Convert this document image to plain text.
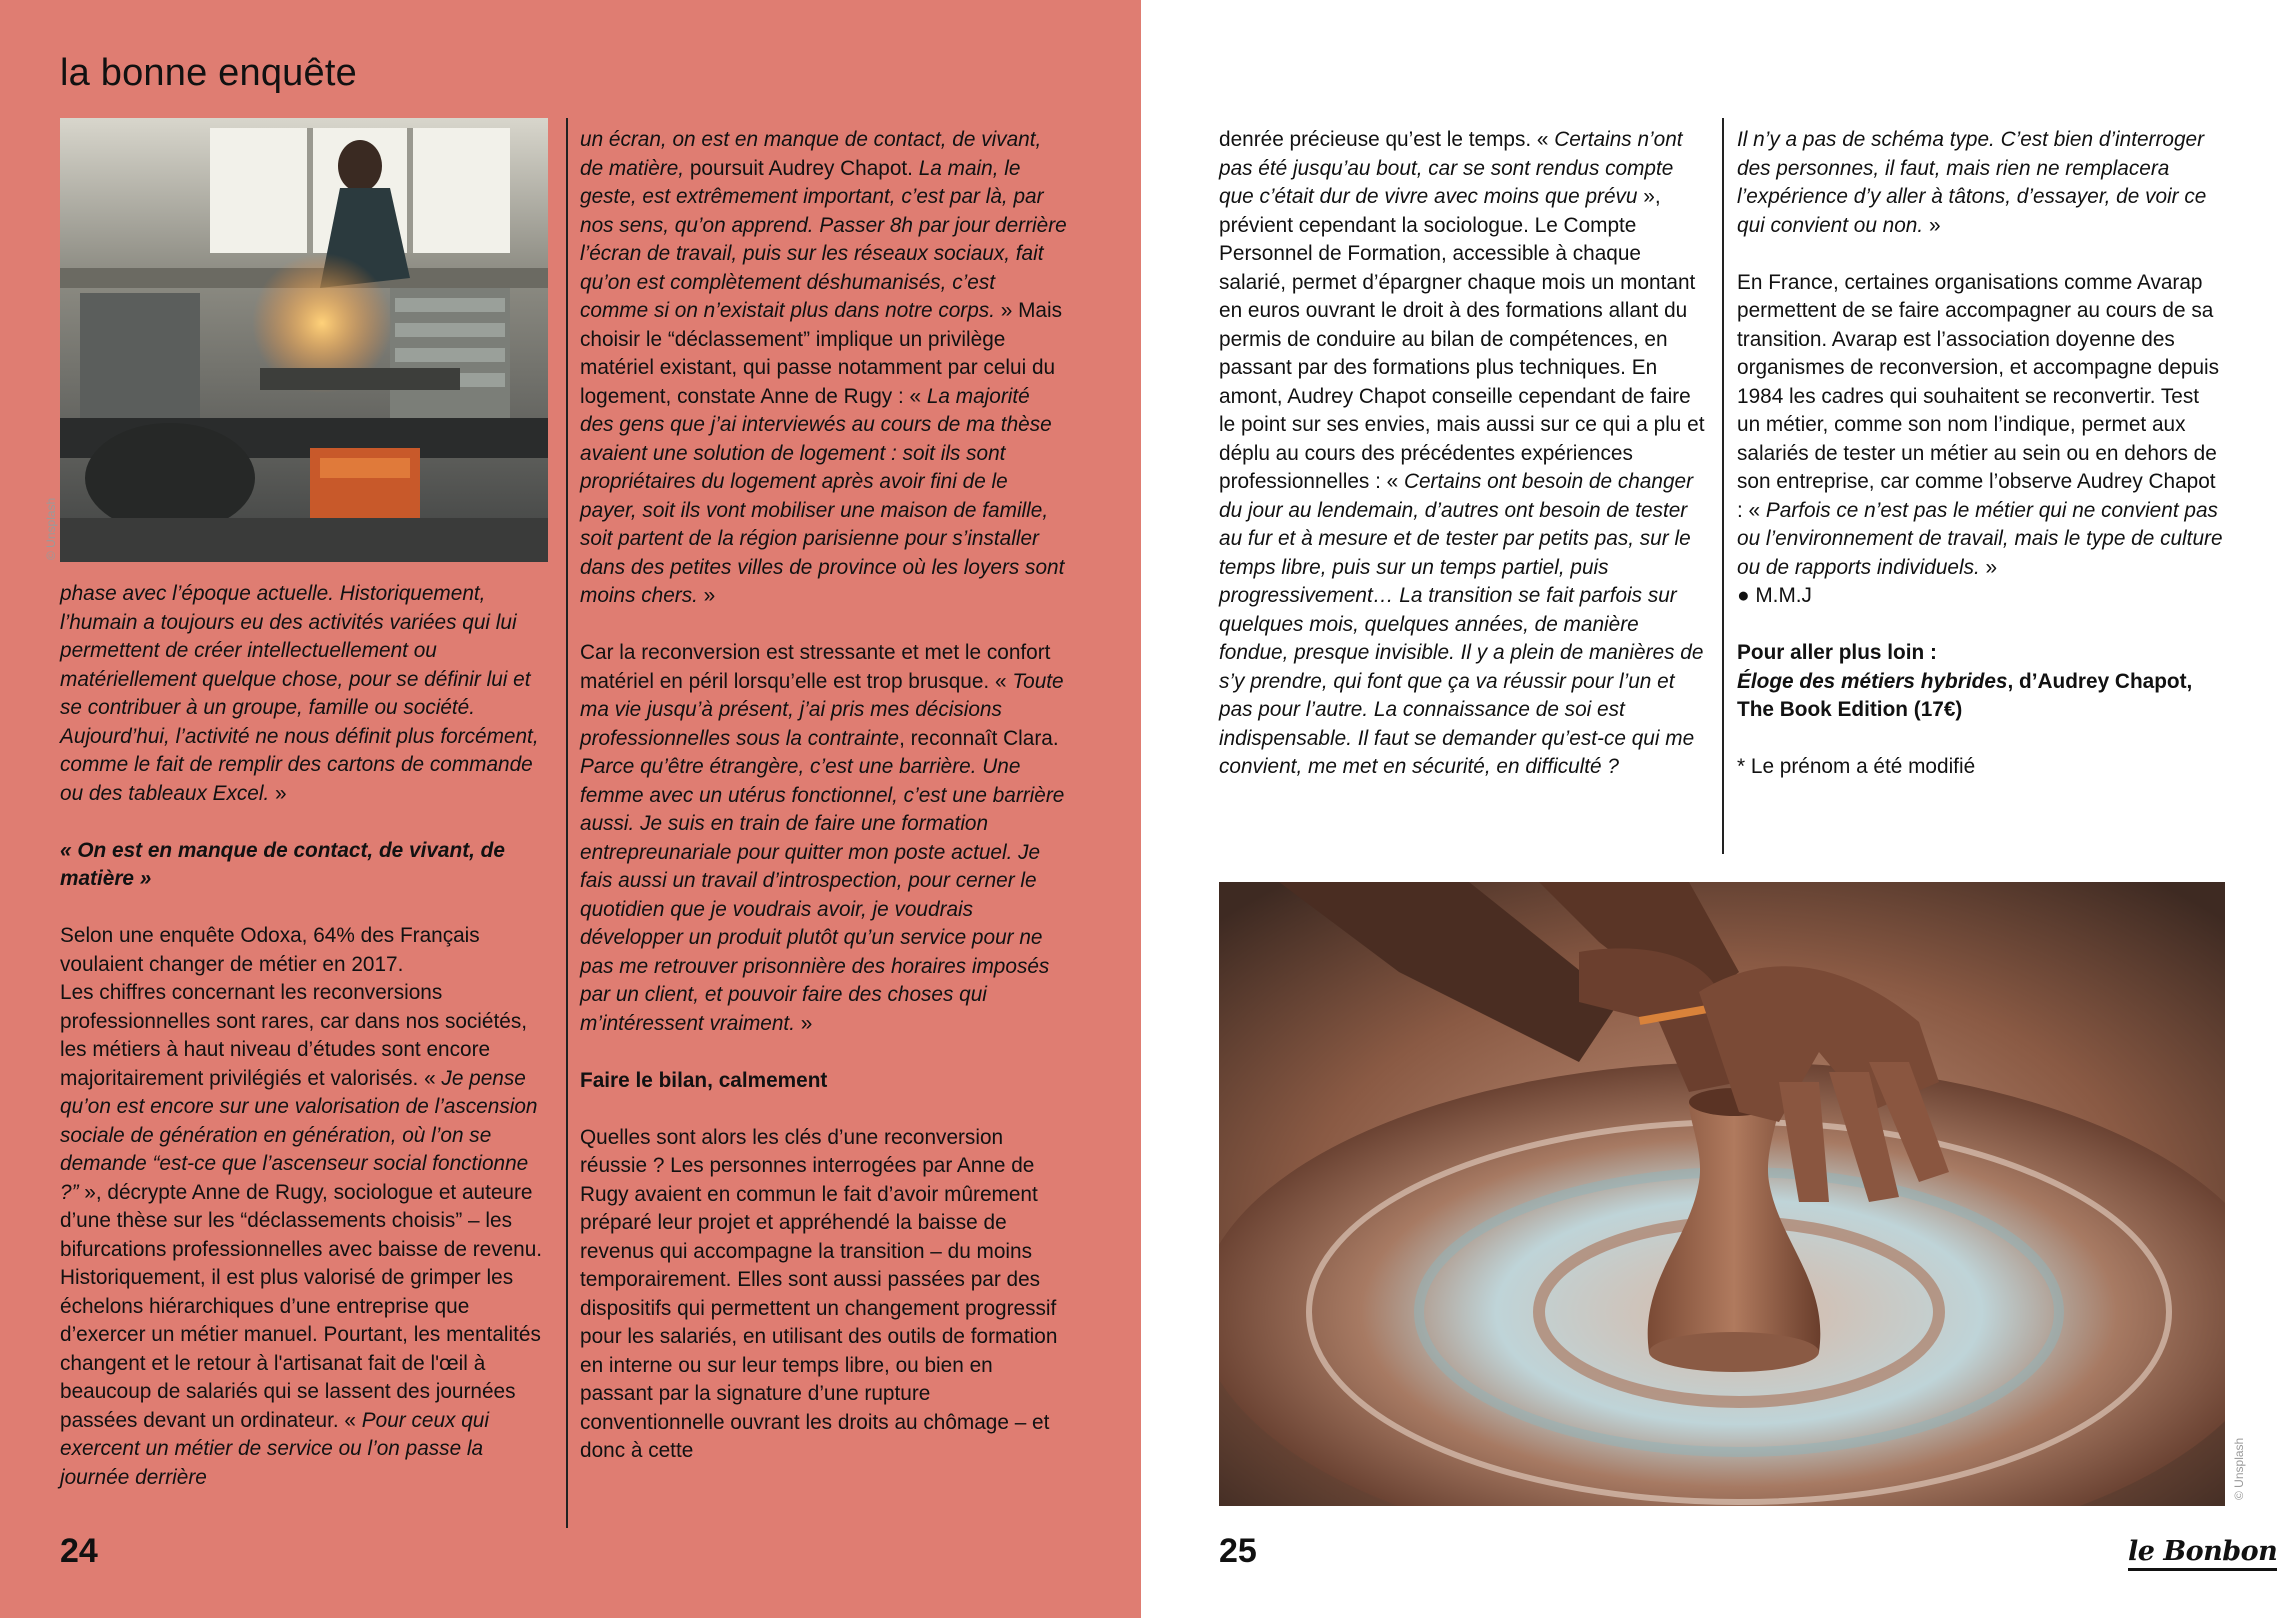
la bonne enquête
© Unsplash

phase avec l’époque actuelle. Historiquement, l’humain a toujours eu des activités variées qui lui permettent de créer intellectuellement ou matériellement quelque chose, pour se définir lui et se contribuer à un groupe, famille ou société. Aujourd’hui, l’activité ne nous définit plus forcément, comme le fait de remplir des cartons de commande ou des tableaux Excel. »

« On est en manque de contact, de vivant, de matière »

Selon une enquête Odoxa, 64% des Français voulaient changer de métier en 2017.

Les chiffres concernant les reconversions professionnelles sont rares, car dans nos sociétés, les métiers à haut niveau d’études sont encore majoritairement privilégiés et valorisés. « Je pense qu’on est encore sur une valorisation de l’ascension sociale de génération en génération, où l’on se demande “est-ce que l’ascenseur social fonctionne ?” », décrypte Anne de Rugy, sociologue et auteure d’une thèse sur les “déclassements choisis” – les bifurcations professionnelles avec baisse de revenu. Historiquement, il est plus valorisé de grimper les échelons hiérarchiques d’une entreprise que d’exercer un métier manuel. Pourtant, les mentalités changent et le retour à l'artisanat fait de l'œil à beaucoup de salariés qui se lassent des journées passées devant un ordinateur. « Pour ceux qui exercent un métier de service ou l’on passe la journée derrière

un écran, on est en manque de contact, de vivant, de matière, poursuit Audrey Chapot. La main, le geste, est extrêmement important, c’est par là, par nos sens, qu’on apprend. Passer 8h par jour derrière l’écran de travail, puis sur les réseaux sociaux, fait qu’on est complètement déshumanisés, c’est comme si on n’existait plus dans notre corps. » Mais choisir le “déclassement” implique un privilège matériel existant, qui passe notamment par celui du logement, constate Anne de Rugy : « La majorité des gens que j’ai interviewés au cours de ma thèse avaient une solution de logement : soit ils sont propriétaires du logement après avoir fini de le payer, soit ils vont mobiliser une maison de famille, soit partent de la région parisienne pour s’installer dans des petites villes de province où les loyers sont moins chers. »

Car la reconversion est stressante et met le confort matériel en péril lorsqu’elle est trop brusque. « Toute ma vie jusqu’à présent, j’ai pris mes décisions professionnelles sous la contrainte, reconnaît Clara. Parce qu’être étrangère, c’est une barrière. Une femme avec un utérus fonctionnel, c’est une barrière aussi. Je suis en train de faire une formation entrepreunariale pour quitter mon poste actuel. Je fais aussi un travail d’introspection, pour cerner le quotidien que je voudrais avoir, je voudrais développer un produit plutôt qu’un service pour ne pas me retrouver prisonnière des horaires imposés par un client, et pouvoir faire des choses qui m’intéressent vraiment. »

Faire le bilan, calmement

Quelles sont alors les clés d’une reconversion réussie ? Les personnes interrogées par Anne de Rugy avaient en commun le fait d’avoir mûrement préparé leur projet et appréhendé la baisse de revenus qui accompagne la transition – du moins temporairement. Elles sont aussi passées par des dispositifs qui permettent un changement progressif pour les salariés, en utilisant des outils de formation en interne ou sur leur temps libre, ou bien en passant par la signature d’une rupture conventionnelle ouvrant les droits au chômage – et donc à cette

24

denrée précieuse qu’est le temps. « Certains n’ont pas été jusqu’au bout, car se sont rendus compte que c’était dur de vivre avec moins que prévu », prévient cependant la sociologue. Le Compte Personnel de Formation, accessible à chaque salarié, permet d’épargner chaque mois un montant en euros ouvrant le droit à des formations allant du permis de conduire au bilan de compétences, en passant par des formations plus techniques. En amont, Audrey Chapot conseille cependant de faire le point sur ses envies, mais aussi sur ce qui a plu et déplu au cours des précédentes expériences professionnelles : « Certains ont besoin de changer du jour au lendemain, d’autres ont besoin de tester au fur et à mesure et de tester par petits pas, sur le temps libre, puis sur un temps partiel, puis progressivement… La transition se fait parfois sur quelques mois, quelques années, de manière fondue, presque invisible. Il y a plein de manières de s’y prendre, qui font que ça va réussir pour l’un et pas pour l’autre. La connaissance de soi est indispensable. Il faut se demander qu’est-ce qui me convient, me met en sécurité, en difficulté ?

Il n’y a pas de schéma type. C’est bien d’interroger des personnes, il faut, mais rien ne remplacera l’expérience d’y aller à tâtons, d’essayer, de voir ce qui convient ou non. »

En France, certaines organisations comme Avarap permettent de se faire accompagner au cours de sa transition. Avarap est l’association doyenne des organismes de reconversion, et accompagne depuis 1984 les cadres qui souhaitent se reconvertir. Test un métier, comme son nom l’indique, permet aux salariés de tester un métier au sein ou en dehors de son entreprise, car comme l’observe Audrey Chapot : « Parfois ce n’est pas le métier qui ne convient pas ou l’environnement de travail, mais le type de culture ou de rapports individuels. »
● M.M.J

Pour aller plus loin :
Éloge des métiers hybrides, d’Audrey Chapot, The Book Edition (17€)

* Le prénom a été modifié

© Unsplash
25	le Bonbon
